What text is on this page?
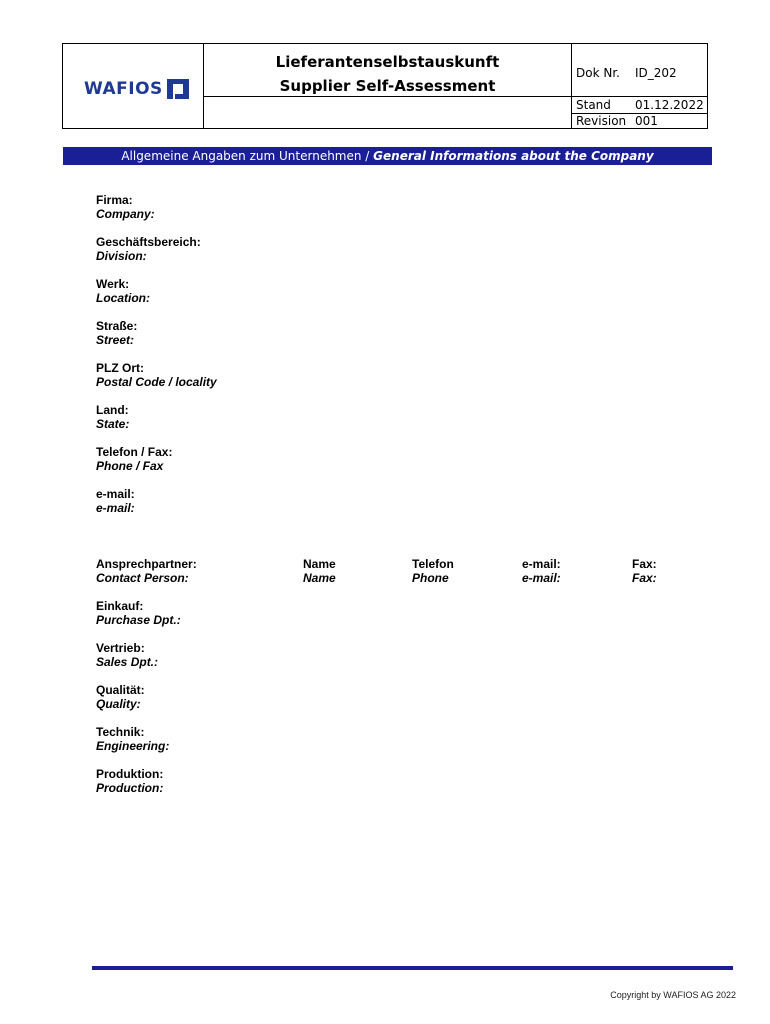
WAFIOS
Lieferantenselbstauskunft
Supplier Self-Assessment
Dok Nr. ID_202
Stand 01.12.2022
Revision 001
Allgemeine Angaben zum Unternehmen / General Informations about the Company
Firma:
Company:
Geschäftsbereich:
Division:
Werk:
Location:
Straße:
Street:
PLZ Ort:
Postal Code / locality
Land:
State:
Telefon / Fax:
Phone / Fax
e-mail:
e-mail:
Ansprechpartner:
Contact Person:
Name
Name
Telefon
Phone
e-mail:
e-mail:
Fax:
Fax:
Einkauf:
Purchase Dpt.:
Vertrieb:
Sales Dpt.:
Qualität:
Quality:
Technik:
Engineering:
Produktion:
Production:
Copyright by WAFIOS AG 2022
